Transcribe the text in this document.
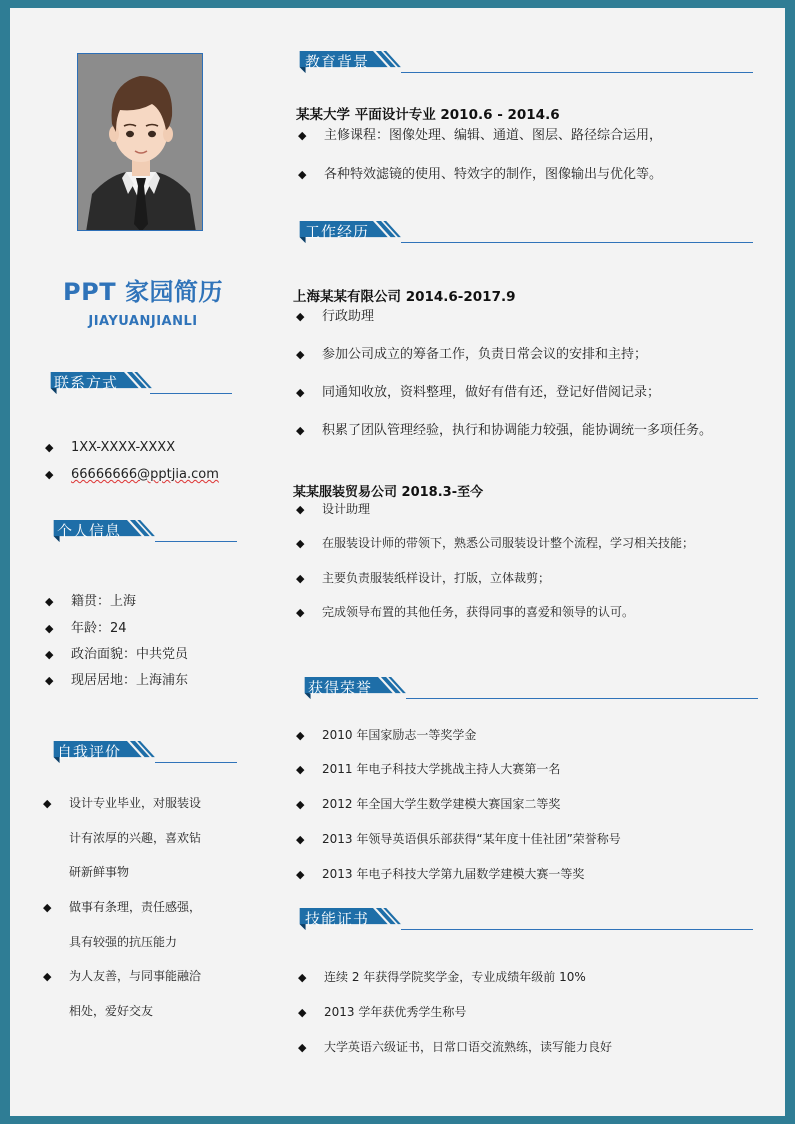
PPT 家园简历
JIAYUANJIANLI
联系方式
◆ 1XX-XXXX-XXXX
◆ 66666666@pptjia.com
个人信息
◆ 籍贯：上海
◆ 年龄：24
◆ 政治面貌：中共党员
◆ 现居居地：上海浦东
自我评价
◆ 设计专业毕业，对服装设
计有浓厚的兴趣，喜欢钻
研新鲜事物
◆ 做事有条理，责任感强，
具有较强的抗压能力
◆ 为人友善，与同事能融洽
相处，爱好交友
教育背景
某某大学 平面设计专业 2010.6 - 2014.6
◆ 主修课程：图像处理、编辑、通道、图层、路径综合运用，
◆ 各种特效滤镜的使用、特效字的制作，图像输出与优化等。
工作经历
上海某某有限公司 2014.6-2017.9
◆ 行政助理
◆ 参加公司成立的筹备工作，负责日常会议的安排和主持；
◆ 同通知收放，资料整理，做好有借有还，登记好借阅记录；
◆ 积累了团队管理经验，执行和协调能力较强，能协调统一多项任务。
某某服装贸易公司 2018.3-至今
◆ 设计助理
◆ 在服装设计师的带领下，熟悉公司服装设计整个流程，学习相关技能；
◆ 主要负责服装纸样设计，打版，立体裁剪；
◆ 完成领导布置的其他任务，获得同事的喜爱和领导的认可。
获得荣誉
◆ 2010 年国家励志一等奖学金
◆ 2011 年电子科技大学挑战主持人大赛第一名
◆ 2012 年全国大学生数学建模大赛国家二等奖
◆ 2013 年领导英语俱乐部获得“某年度十佳社团”荣誉称号
◆ 2013 年电子科技大学第九届数学建模大赛一等奖
技能证书
◆ 连续 2 年获得学院奖学金，专业成绩年级前 10%
◆ 2013 学年获优秀学生称号
◆ 大学英语六级证书，日常口语交流熟练，读写能力良好
